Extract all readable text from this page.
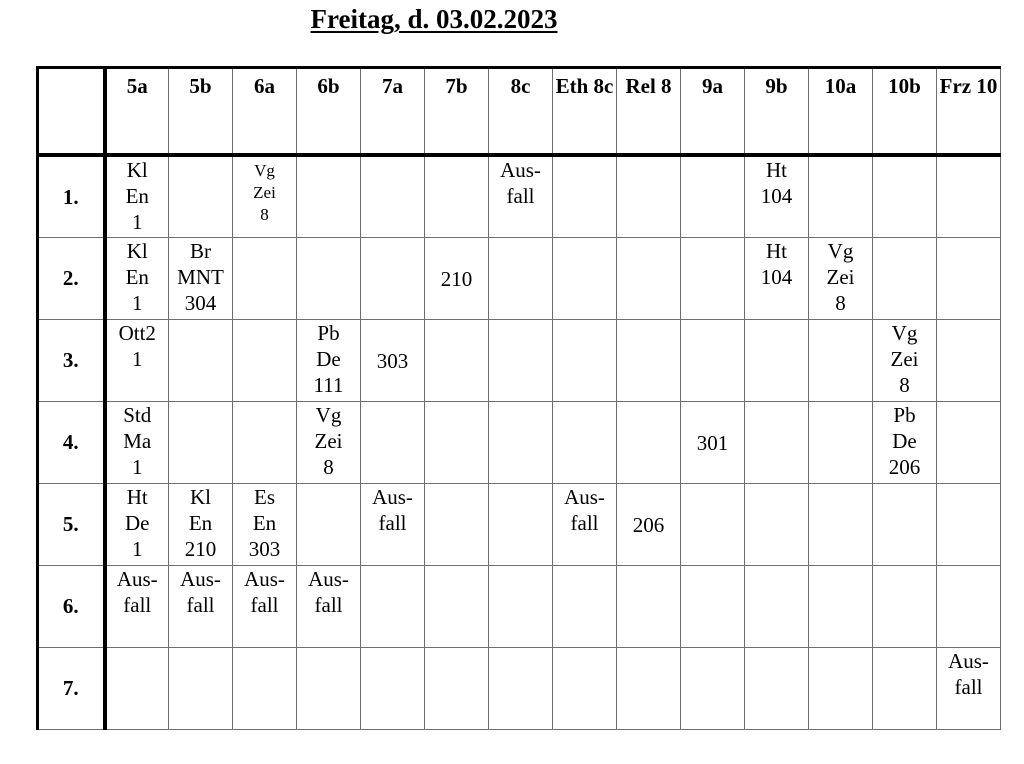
Freitag, d. 03.02.2023
	5a	5b	6a	6b	7a	7b	8c	Eth 8c	Rel 8	9a	9b	10a	10b	Frz 10
1.	Kl
En
1		Vg
Zei
8				Aus-
fall				Ht
104			

2.	Kl
En
1	Br
MNT
304				210					Ht
104	Vg
Zei
8		

3.	Ott2
1			Pb
De
111	303								Vg
Zei
8	

4.	Std
Ma
1			Vg
Zei
8						301			Pb
De
206	

5.	Ht
De
1	Kl
En
210	Es
En
303		Aus-
fall			Aus-
fall	206					

6.	Aus-
fall	Aus-
fall	Aus-
fall	Aus-
fall										

7.														Aus-
fall
